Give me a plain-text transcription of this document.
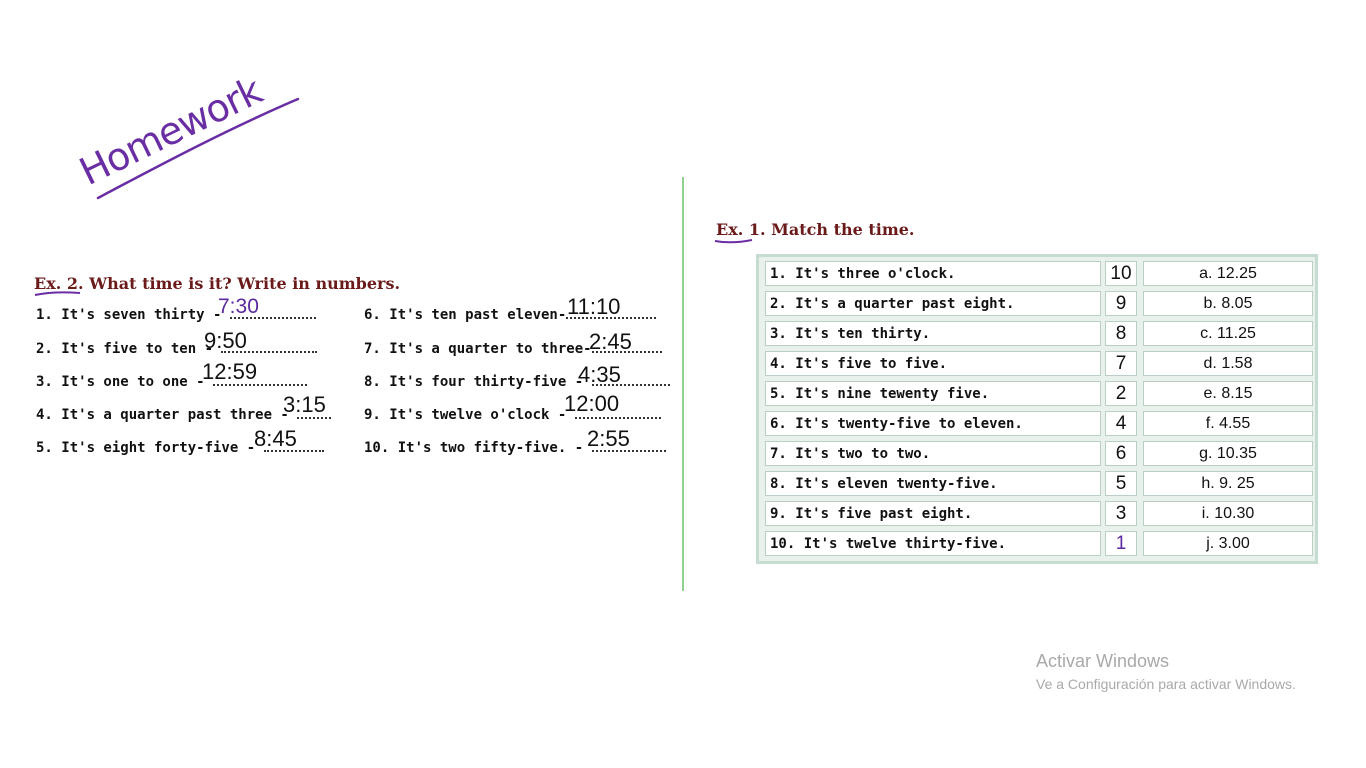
Homework
Ex. 2. What time is it? Write in numbers.
1. It's seven thirty -
7:30
2. It's five to ten -
9:50
3. It's one to one -
12:59
4. It's a quarter past three -
3:15
5. It's eight forty-five -
8:45
6. It's ten past eleven- 11:10
7. It's a quarter to three-
2:45
8. It's four thirty-five -
4:35
9. It's twelve o'clock -
12:00
10. It's two fifty-five. - 2:55
Ex. 1. Match the time.
1. It's three o'clock.	10	a. 12.25
2. It's a quarter past eight.	9	b. 8.05
3. It's ten thirty.	8	c. 11.25
4. It's five to five.	7	d. 1.58
5. It's nine tewenty five.	2	e. 8.15
6. It's twenty-five to eleven.	4	f. 4.55
7. It's two to two.	6	g. 10.35
8. It's eleven twenty-five.	5	h. 9. 25
9. It's five past eight.	3	i. 10.30
10. It's twelve thirty-five.	1	j. 3.00
Activar Windows
Ve a Configuración para activar Windows.
